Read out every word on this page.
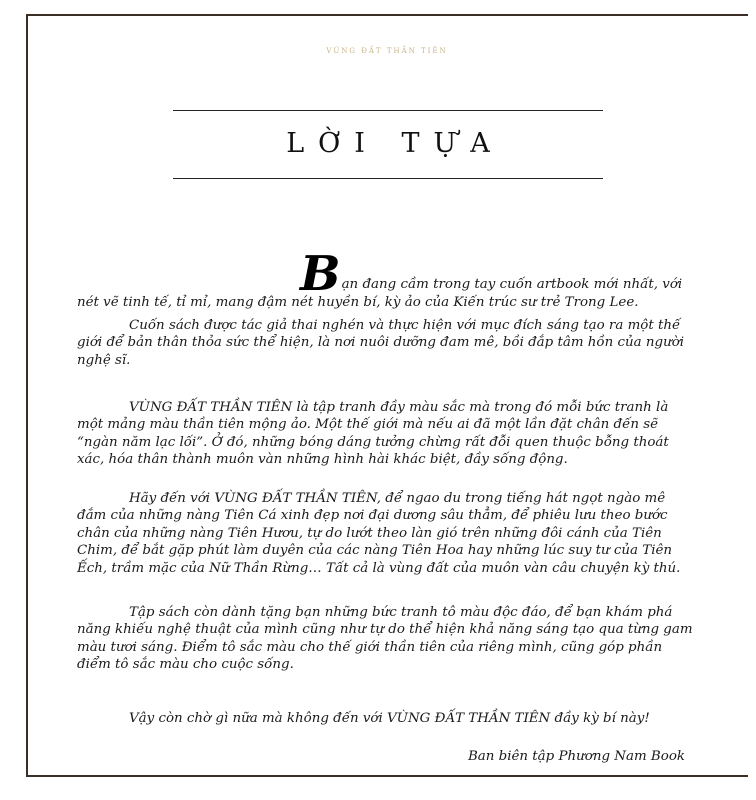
VÙNG ĐẤT THẦN TIÊN
LỜI TỰA

Bạn đang cầm trong tay cuốn artbook mới nhất, với nét vẽ tinh tế, tỉ mỉ, mang đậm nét huyền bí, kỳ ảo của Kiến trúc sư trẻ Trong Lee.

Cuốn sách được tác giả thai nghén và thực hiện với mục đích sáng tạo ra một thế giới để bản thân thỏa sức thể hiện, là nơi nuôi dưỡng đam mê, bồi đắp tâm hồn của người nghệ sĩ.

VÙNG ĐẤT THẦN TIÊN là tập tranh đầy màu sắc mà trong đó mỗi bức tranh là một mảng màu thần tiên mộng ảo. Một thế giới mà nếu ai đã một lần đặt chân đến sẽ “ngàn năm lạc lối”. Ở đó, những bóng dáng tưởng chừng rất đỗi quen thuộc bỗng thoát xác, hóa thân thành muôn vàn những hình hài khác biệt, đầy sống động.

Hãy đến với VÙNG ĐẤT THẦN TIÊN, để ngao du trong tiếng hát ngọt ngào mê đắm của những nàng Tiên Cá xinh đẹp nơi đại dương sâu thẳm, để phiêu lưu theo bước chân của những nàng Tiên Hươu, tự do lướt theo làn gió trên những đôi cánh của Tiên Chim, để bắt gặp phút làm duyên của các nàng Tiên Hoa hay những lúc suy tư của Tiên Ếch, trầm mặc của Nữ Thần Rừng… Tất cả là vùng đất của muôn vàn câu chuyện kỳ thú.

Tập sách còn dành tặng bạn những bức tranh tô màu độc đáo, để bạn khám phá năng khiếu nghệ thuật của mình cũng như tự do thể hiện khả năng sáng tạo qua từng gam màu tươi sáng. Điểm tô sắc màu cho thế giới thần tiên của riêng mình, cũng góp phần điểm tô sắc màu cho cuộc sống.

Vậy còn chờ gì nữa mà không đến với VÙNG ĐẤT THẦN TIÊN đầy kỳ bí này!

Ban biên tập Phương Nam Book
